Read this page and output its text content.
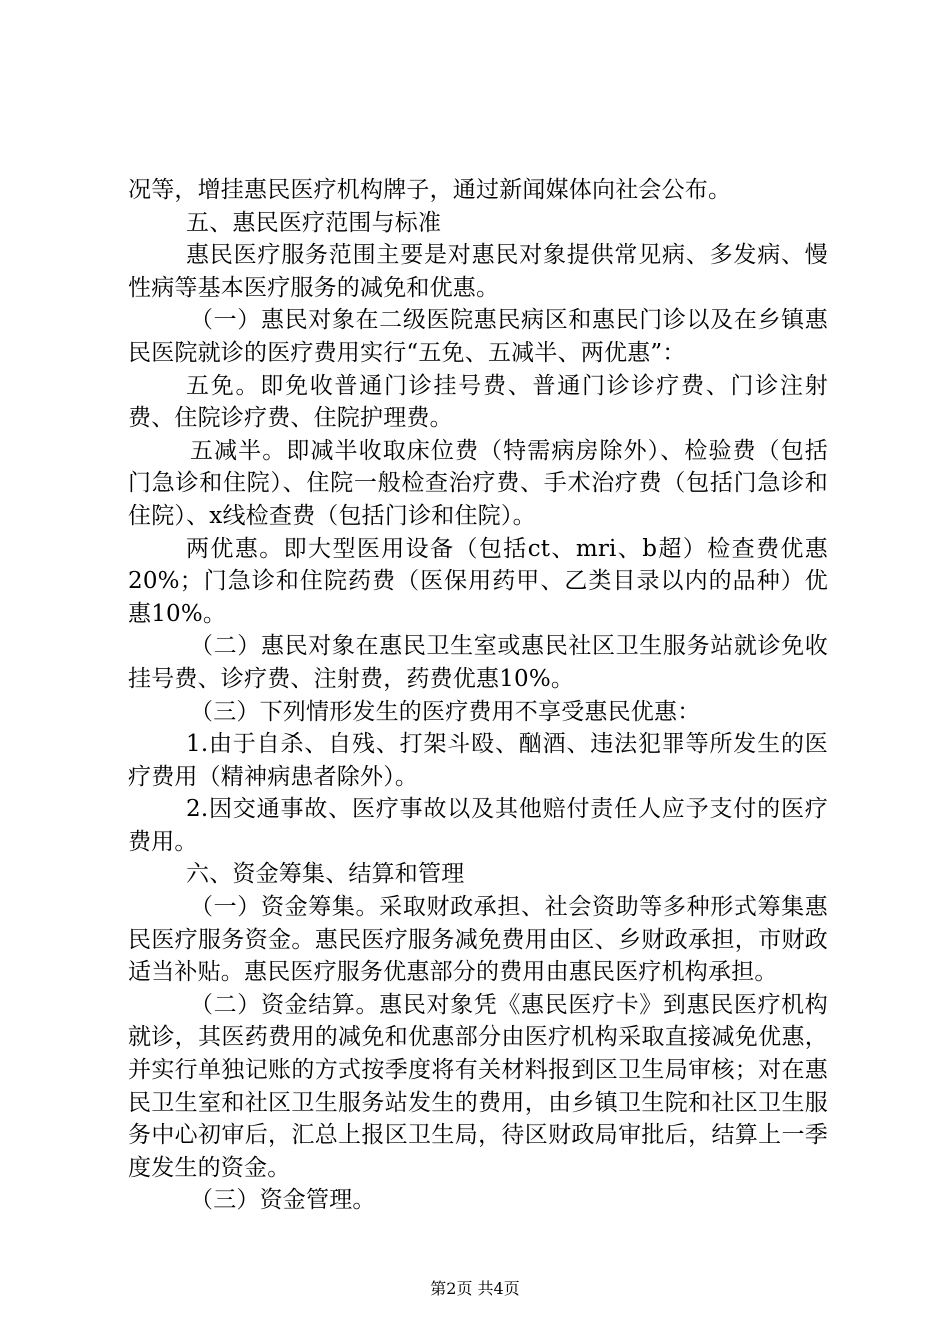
况等，增挂惠民医疗机构牌子，通过新闻媒体向社会公布。

五、惠民医疗范围与标准

惠民医疗服务范围主要是对惠民对象提供常见病、多发病、慢性病等基本医疗服务的减免和优惠。

（一）惠民对象在二级医院惠民病区和惠民门诊以及在乡镇惠民医院就诊的医疗费用实行“五免、五减半、两优惠”：

五免。即免收普通门诊挂号费、普通门诊诊疗费、门诊注射费、住院诊疗费、住院护理费。

五减半。即减半收取床位费（特需病房除外）、检验费（包括门急诊和住院）、住院一般检查治疗费、手术治疗费（包括门急诊和住院）、x线检查费（包括门诊和住院）。

两优惠。即大型医用设备（包括ct、mri、b超）检查费优惠20%；门急诊和住院药费（医保用药甲、乙类目录以内的品种）优惠10%。

（二）惠民对象在惠民卫生室或惠民社区卫生服务站就诊免收挂号费、诊疗费、注射费，药费优惠10%。

（三）下列情形发生的医疗费用不享受惠民优惠：

1.由于自杀、自残、打架斗殴、酗酒、违法犯罪等所发生的医疗费用（精神病患者除外）。

2.因交通事故、医疗事故以及其他赔付责任人应予支付的医疗费用。

六、资金筹集、结算和管理

（一）资金筹集。采取财政承担、社会资助等多种形式筹集惠民医疗服务资金。惠民医疗服务减免费用由区、乡财政承担，市财政适当补贴。惠民医疗服务优惠部分的费用由惠民医疗机构承担。

（二）资金结算。惠民对象凭《惠民医疗卡》到惠民医疗机构就诊，其医药费用的减免和优惠部分由医疗机构采取直接减免优惠，并实行单独记账的方式按季度将有关材料报到区卫生局审核；对在惠民卫生室和社区卫生服务站发生的费用，由乡镇卫生院和社区卫生服务中心初审后，汇总上报区卫生局，待区财政局审批后，结算上一季度发生的资金。

（三）资金管理。

第2页 共4页
